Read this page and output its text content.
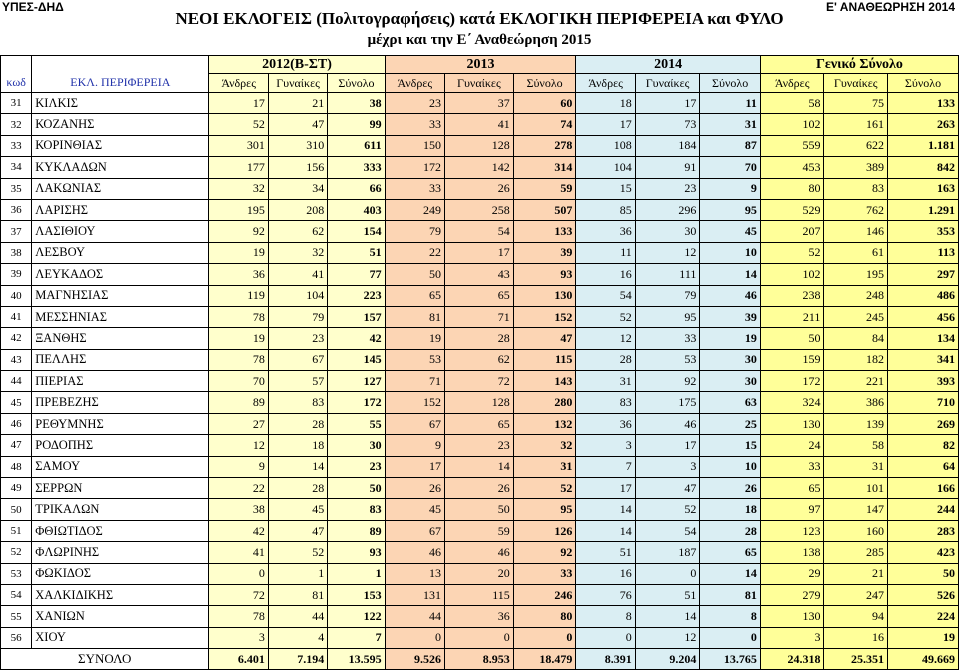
ΥΠΕΣ-ΔΗΔ	Ε' ΑΝΑΘΕΩΡΗΣΗ 2014
ΝΕΟΙ ΕΚΛΟΓΕΙΣ (Πολιτογραφήσεις) κατά ΕΚΛΟΓΙΚΗ ΠΕΡΙΦΕΡΕΙΑ και ΦΥΛΟ
μέχρι και την Ε΄ Αναθεώρηση 2015
		2012(Β-ΣΤ)			2013			2014			Γενικό Σύνολο		
κωδ	ΕΚΛ. ΠΕΡΙΦΕΡΕΙΑ	Άνδρες	Γυναίκες	Σύνολο	Άνδρες	Γυναίκες	Σύνολο	Άνδρες	Γυναίκες	Σύνολο	Άνδρες	Γυναίκες	Σύνολο
31	ΚΙΛΚΙΣ	17	21	38	23	37	60	18	17	11	58	75	133
32	ΚΟΖΑΝΗΣ	52	47	99	33	41	74	17	73	31	102	161	263
33	ΚΟΡΙΝΘΙΑΣ	301	310	611	150	128	278	108	184	87	559	622	1.181
34	ΚΥΚΛΑΔΩΝ	177	156	333	172	142	314	104	91	70	453	389	842
35	ΛΑΚΩΝΙΑΣ	32	34	66	33	26	59	15	23	9	80	83	163
36	ΛΑΡΙΣΗΣ	195	208	403	249	258	507	85	296	95	529	762	1.291
37	ΛΑΣΙΘΙΟΥ	92	62	154	79	54	133	36	30	45	207	146	353
38	ΛΕΣΒΟΥ	19	32	51	22	17	39	11	12	10	52	61	113
39	ΛΕΥΚΑΔΟΣ	36	41	77	50	43	93	16	111	14	102	195	297
40	ΜΑΓΝΗΣΙΑΣ	119	104	223	65	65	130	54	79	46	238	248	486
41	ΜΕΣΣΗΝΙΑΣ	78	79	157	81	71	152	52	95	39	211	245	456
42	ΞΑΝΘΗΣ	19	23	42	19	28	47	12	33	19	50	84	134
43	ΠΕΛΛΗΣ	78	67	145	53	62	115	28	53	30	159	182	341
44	ΠΙΕΡΙΑΣ	70	57	127	71	72	143	31	92	30	172	221	393
45	ΠΡΕΒΕΖΗΣ	89	83	172	152	128	280	83	175	63	324	386	710
46	ΡΕΘΥΜΝΗΣ	27	28	55	67	65	132	36	46	25	130	139	269
47	ΡΟΔΟΠΗΣ	12	18	30	9	23	32	3	17	15	24	58	82
48	ΣΑΜΟΥ	9	14	23	17	14	31	7	3	10	33	31	64
49	ΣΕΡΡΩΝ	22	28	50	26	26	52	17	47	26	65	101	166
50	ΤΡΙΚΑΛΩΝ	38	45	83	45	50	95	14	52	18	97	147	244
51	ΦΘΙΩΤΙΔΟΣ	42	47	89	67	59	126	14	54	28	123	160	283
52	ΦΛΩΡΙΝΗΣ	41	52	93	46	46	92	51	187	65	138	285	423
53	ΦΩΚΙΔΟΣ	0	1	1	13	20	33	16	0	14	29	21	50
54	ΧΑΛΚΙΔΙΚΗΣ	72	81	153	131	115	246	76	51	81	279	247	526
55	ΧΑΝΙΩΝ	78	44	122	44	36	80	8	14	8	130	94	224
56	ΧΙΟΥ	3	4	7	0	0	0	0	12	0	3	16	19
ΣΥΝΟΛΟ		6.401	7.194	13.595	9.526	8.953	18.479	8.391	9.204	13.765	24.318	25.351	49.669
